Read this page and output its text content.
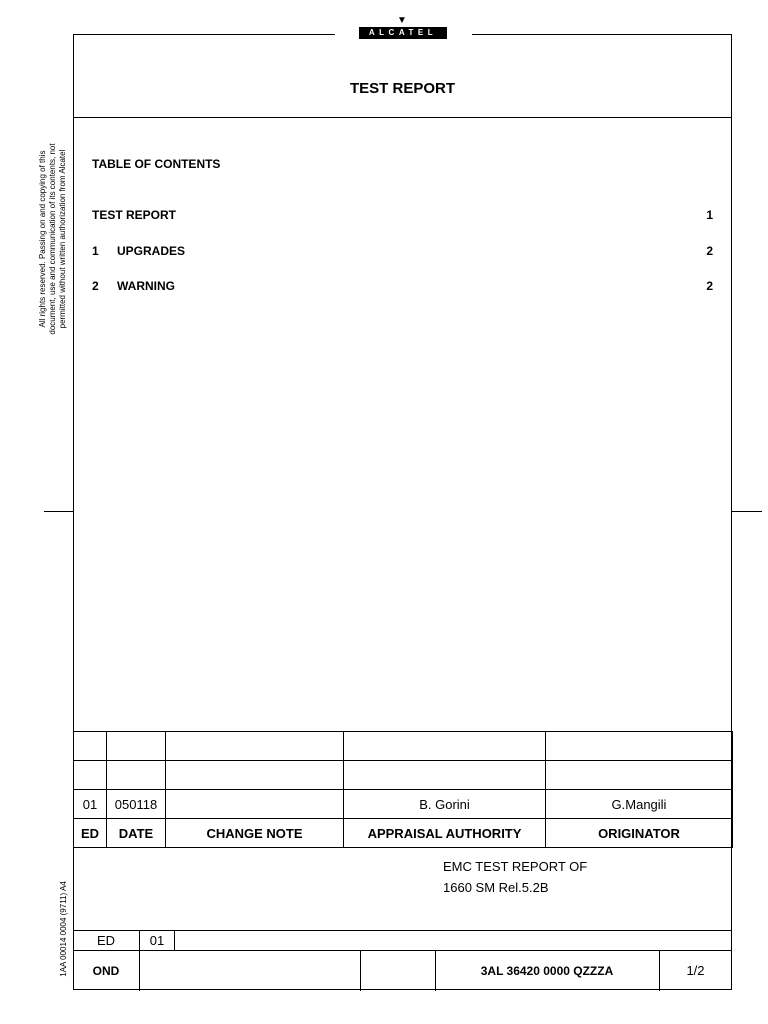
▼
ALCATEL
TEST REPORT
All rights reserved. Passing on and copying of this document, use and communication of its contents, not permitted without written authorization from Alcatel
1AA 00014 0004 (9711) A4
TABLE OF CONTENTS
TEST REPORT	1
1 UPGRADES	2
2 WARNING	2

01	050118		B. Gorini	G.Mangili
ED	DATE	CHANGE NOTE	APPRAISAL AUTHORITY	ORIGINATOR
EMC TEST REPORT OF
1660 SM Rel.5.2B
ED	01
OND	3AL 36420 0000 QZZZA	1/2
